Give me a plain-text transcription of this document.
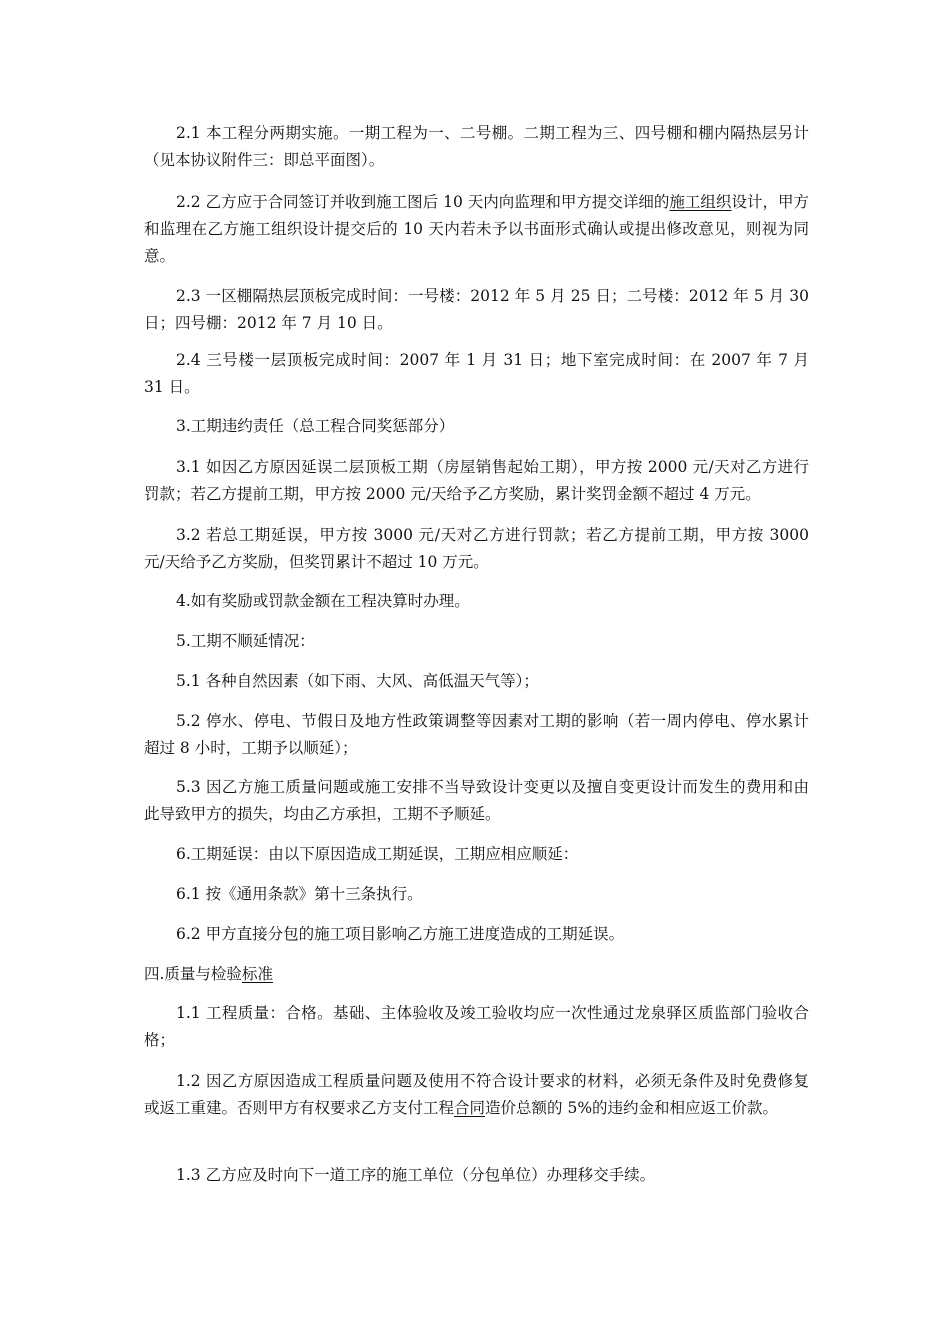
2.1 本工程分两期实施。一期工程为一、二号棚。二期工程为三、四号棚和棚内隔热层另计（见本协议附件三：即总平面图）。

2.2 乙方应于合同签订并收到施工图后 10 天内向监理和甲方提交详细的施工组织设计，甲方和监理在乙方施工组织设计提交后的 10 天内若未予以书面形式确认或提出修改意见，则视为同意。

2.3 一区棚隔热层顶板完成时间：一号楼：2012 年 5 月 25 日；二号楼：2012 年 5 月 30 日；四号棚：2012 年 7 月 10 日。

2.4 三号楼一层顶板完成时间：2007 年 1 月 31 日；地下室完成时间：在 2007 年 7 月 31 日。

3.工期违约责任（总工程合同奖惩部分）

3.1 如因乙方原因延误二层顶板工期（房屋销售起始工期），甲方按 2000 元/天对乙方进行罚款；若乙方提前工期，甲方按 2000 元/天给予乙方奖励，累计奖罚金额不超过 4 万元。

3.2 若总工期延误，甲方按 3000 元/天对乙方进行罚款；若乙方提前工期，甲方按 3000 元/天给予乙方奖励，但奖罚累计不超过 10 万元。

4.如有奖励或罚款金额在工程决算时办理。

5.工期不顺延情况：

5.1 各种自然因素（如下雨、大风、高低温天气等）；

5.2 停水、停电、节假日及地方性政策调整等因素对工期的影响（若一周内停电、停水累计超过 8 小时，工期予以顺延）；

5.3 因乙方施工质量问题或施工安排不当导致设计变更以及擅自变更设计而发生的费用和由此导致甲方的损失，均由乙方承担，工期不予顺延。

6.工期延误：由以下原因造成工期延误，工期应相应顺延：

6.1 按《通用条款》第十三条执行。

6.2 甲方直接分包的施工项目影响乙方施工进度造成的工期延误。

四.质量与检验标准

1.1 工程质量：合格。基础、主体验收及竣工验收均应一次性通过龙泉驿区质监部门验收合格；

1.2 因乙方原因造成工程质量问题及使用不符合设计要求的材料，必须无条件及时免费修复或返工重建。否则甲方有权要求乙方支付工程合同造价总额的 5%的违约金和相应返工价款。

1.3 乙方应及时向下一道工序的施工单位（分包单位）办理移交手续。
